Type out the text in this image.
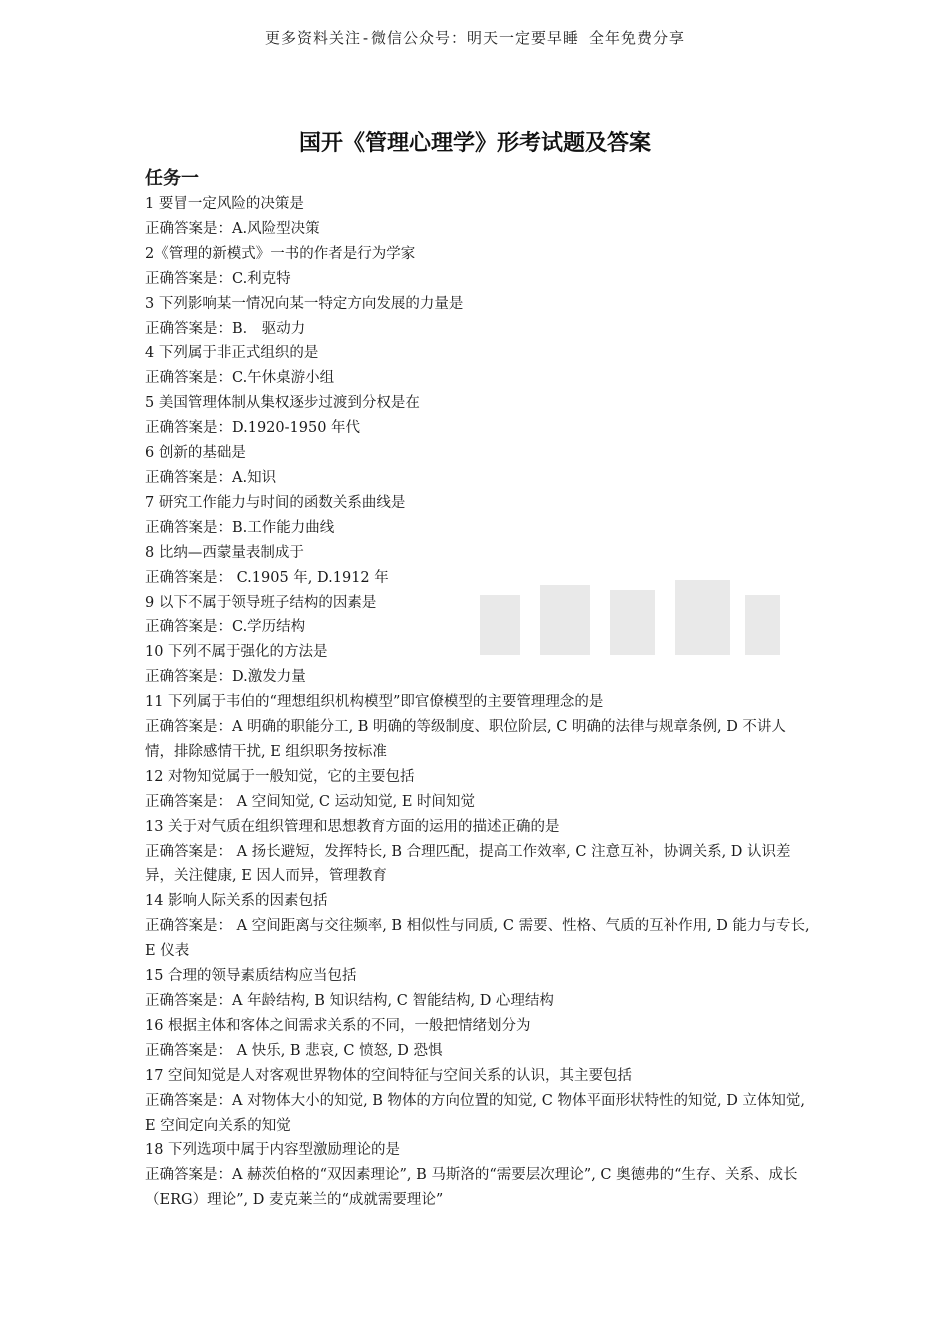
更多资料关注-微信公众号：明天一定要早睡 全年免费分享
国开《管理心理学》形考试题及答案
任务一
1 要冒一定风险的决策是
正确答案是：A.风险型决策
2《管理的新模式》一书的作者是行为学家
正确答案是：C.利克特
3 下列影响某一情况向某一特定方向发展的力量是
正确答案是：B． 驱动力
4 下列属于非正式组织的是
正确答案是：C.午休桌游小组
5 美国管理体制从集权逐步过渡到分权是在
正确答案是：D.1920-1950 年代
6 创新的基础是
正确答案是：A.知识
7 研究工作能力与时间的函数关系曲线是
正确答案是：B.工作能力曲线
8 比纳—西蒙量表制成于
正确答案是： C.1905 年, D.1912 年
9 以下不属于领导班子结构的因素是
正确答案是：C.学历结构
10 下列不属于强化的方法是
正确答案是：D.激发力量
11 下列属于韦伯的“理想组织机构模型”即官僚模型的主要管理理念的是
正确答案是：A 明确的职能分工, B 明确的等级制度、职位阶层, C 明确的法律与规章条例, D 不讲人情，排除感情干扰, E 组织职务按标准
12 对物知觉属于一般知觉，它的主要包括
正确答案是： A 空间知觉, C 运动知觉, E 时间知觉
13 关于对气质在组织管理和思想教育方面的运用的描述正确的是
正确答案是： A 扬长避短，发挥特长, B 合理匹配，提高工作效率, C 注意互补，协调关系, D 认识差异，关注健康, E 因人而异，管理教育
14 影响人际关系的因素包括
正确答案是： A 空间距离与交往频率, B 相似性与同质, C 需要、性格、气质的互补作用, D 能力与专长, E 仪表
15 合理的领导素质结构应当包括
正确答案是：A 年龄结构, B 知识结构, C 智能结构, D 心理结构
16 根据主体和客体之间需求关系的不同，一般把情绪划分为
正确答案是： A 快乐, B 悲哀, C 愤怒, D 恐惧
17 空间知觉是人对客观世界物体的空间特征与空间关系的认识，其主要包括
正确答案是：A 对物体大小的知觉, B 物体的方向位置的知觉, C 物体平面形状特性的知觉, D 立体知觉, E 空间定向关系的知觉
18 下列选项中属于内容型激励理论的是
正确答案是：A 赫茨伯格的“双因素理论”, B 马斯洛的“需要层次理论”, C 奥德弗的“生存、关系、成长（ERG）理论”, D 麦克莱兰的“成就需要理论”
